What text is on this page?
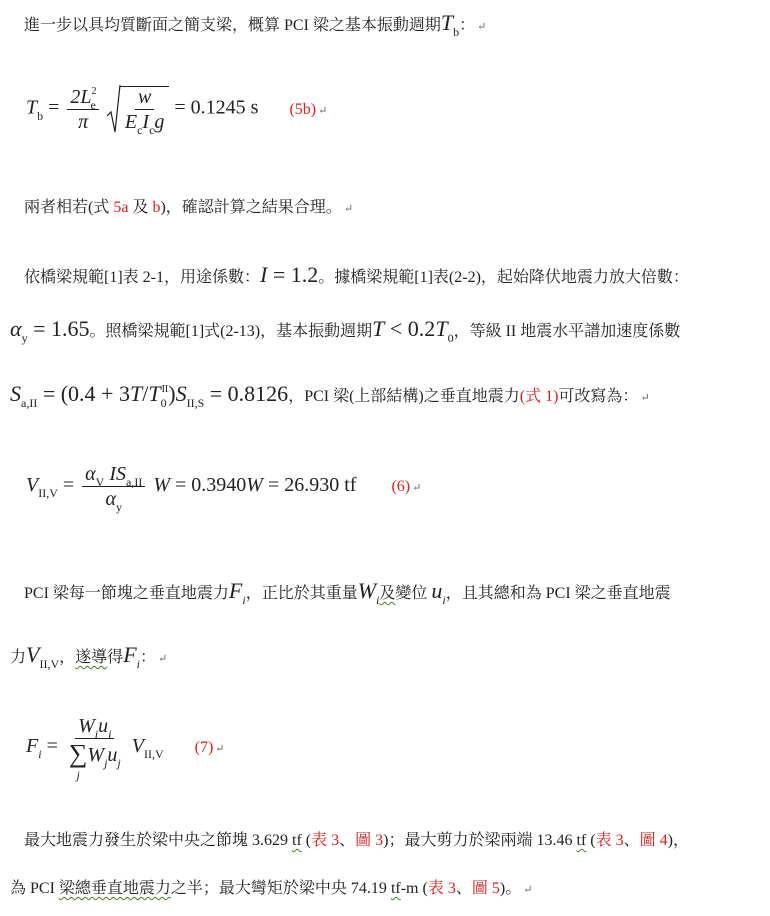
進一步以具均質斷面之簡支梁，概算 PCI 梁之基本振動週期$T_b$： ↵
$T_b = \frac{2L^2_e}{\pi}$
$\frac{w}{E_cI_cg} = 0.1245$ s (5b) ↵
兩者相若(式 5a 及 b)，確認計算之結果合理。 ↵
依橋梁規範[1]表 2-1，用途係數：I = 1.2。據橋梁規範[1]表(2-2)，起始降伏地震力放大倍數：
$\alpha_y = 1.65$。照橋梁規範[1]式(2-13)，基本振動週期$T < 0.2T_0$，等級 II 地震水平譜加速度係數
$S_{a,II} = (0.4 + 3T/T_0^{II})S_{II,S} = 0.8126$，PCI 梁(上部結構)之垂直地震力(式 1)可改寫為： ↵
$V_{II,V} = \frac{\alpha_V IS_{a,II}}{\alpha_y}$ W = 0.3940W = 26.930 tf (6) ↵
PCI 梁每一節塊之垂直地震力$F_i$，正比於其重量$W_i$及變位 $u_i$，且其總和為 PCI 梁之垂直地震
力$V_{II,V}$，遂導得$F_i$： ↵
$F_i = W_iu_i$
∑
j
$W_ju_j$ $V_{II,V}$ (7) ↵
最大地震力發生於梁中央之節塊 3.629 tf (表 3、圖 3)；最大剪力於梁兩端 13.46 tf (表 3、圖 4)，
為 PCI 梁總垂直地震力之半；最大彎矩於梁中央 74.19 tf-m (表 3、圖 5)。 ↵
